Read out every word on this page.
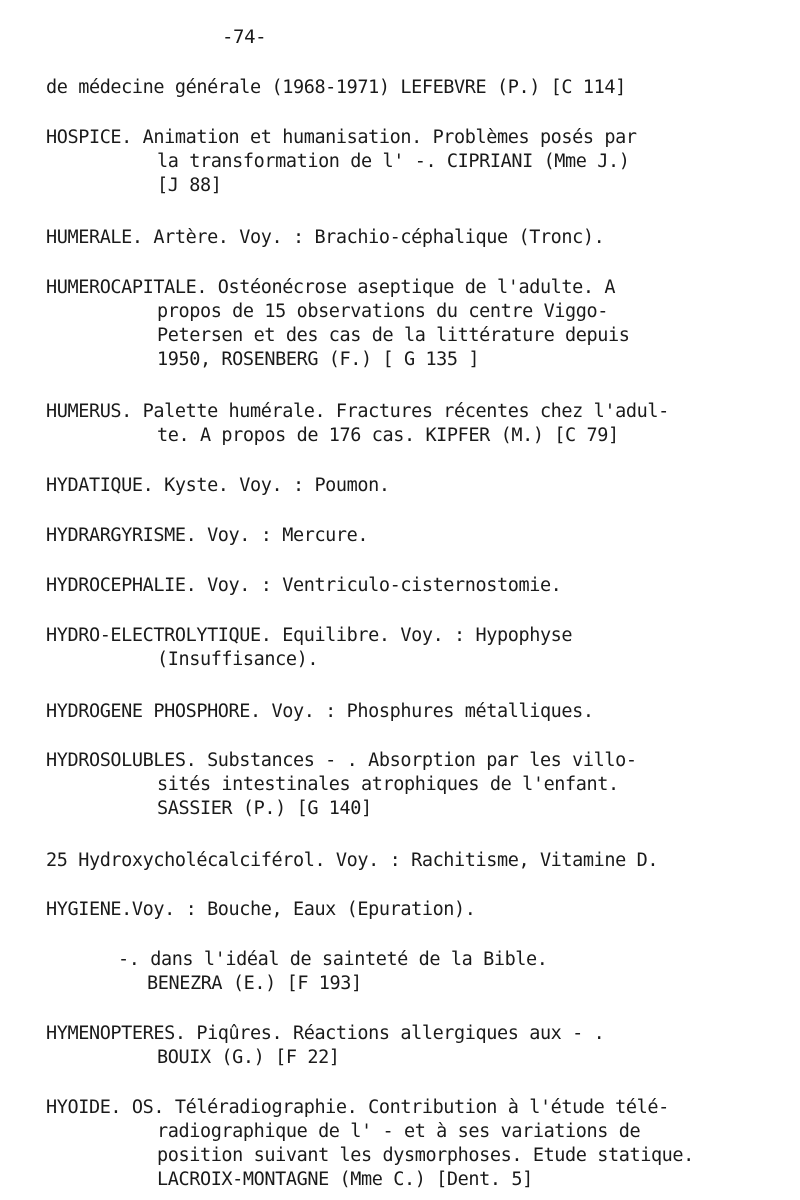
-74-
de médecine générale (1968-1971) LEFEBVRE (P.) [C 114]
HOSPICE. Animation et humanisation. Problèmes posés par
la transformation de l' -. CIPRIANI (Mme J.)
[J 88]
HUMERALE. Artère. Voy. : Brachio-céphalique (Tronc).
HUMEROCAPITALE. Ostéonécrose aseptique de l'adulte. A
propos de 15 observations du centre Viggo-
Petersen et des cas de la littérature depuis
1950, ROSENBERG (F.) [ G 135 ]
HUMERUS. Palette humérale. Fractures récentes chez l'adul-
te. A propos de 176 cas. KIPFER (M.) [C 79]
HYDATIQUE. Kyste. Voy. : Poumon.
HYDRARGYRISME. Voy. : Mercure.
HYDROCEPHALIE. Voy. : Ventriculo-cisternostomie.
HYDRO-ELECTROLYTIQUE. Equilibre. Voy. : Hypophyse
(Insuffisance).
HYDROGENE PHOSPHORE. Voy. : Phosphures métalliques.
HYDROSOLUBLES. Substances - . Absorption par les villo-
sités intestinales atrophiques de l'enfant.
SASSIER (P.) [G 140]
25 Hydroxycholécalciférol. Voy. : Rachitisme, Vitamine D.
HYGIENE.Voy. : Bouche, Eaux (Epuration).
-. dans l'idéal de sainteté de la Bible.
BENEZRA (E.) [F 193]
HYMENOPTERES. Piqûres. Réactions allergiques aux - .
BOUIX (G.) [F 22]
HYOIDE. OS. Téléradiographie. Contribution à l'étude télé-
radiographique de l' - et à ses variations de
position suivant les dysmorphoses. Etude statique.
LACROIX-MONTAGNE (Mme C.) [Dent. 5]
